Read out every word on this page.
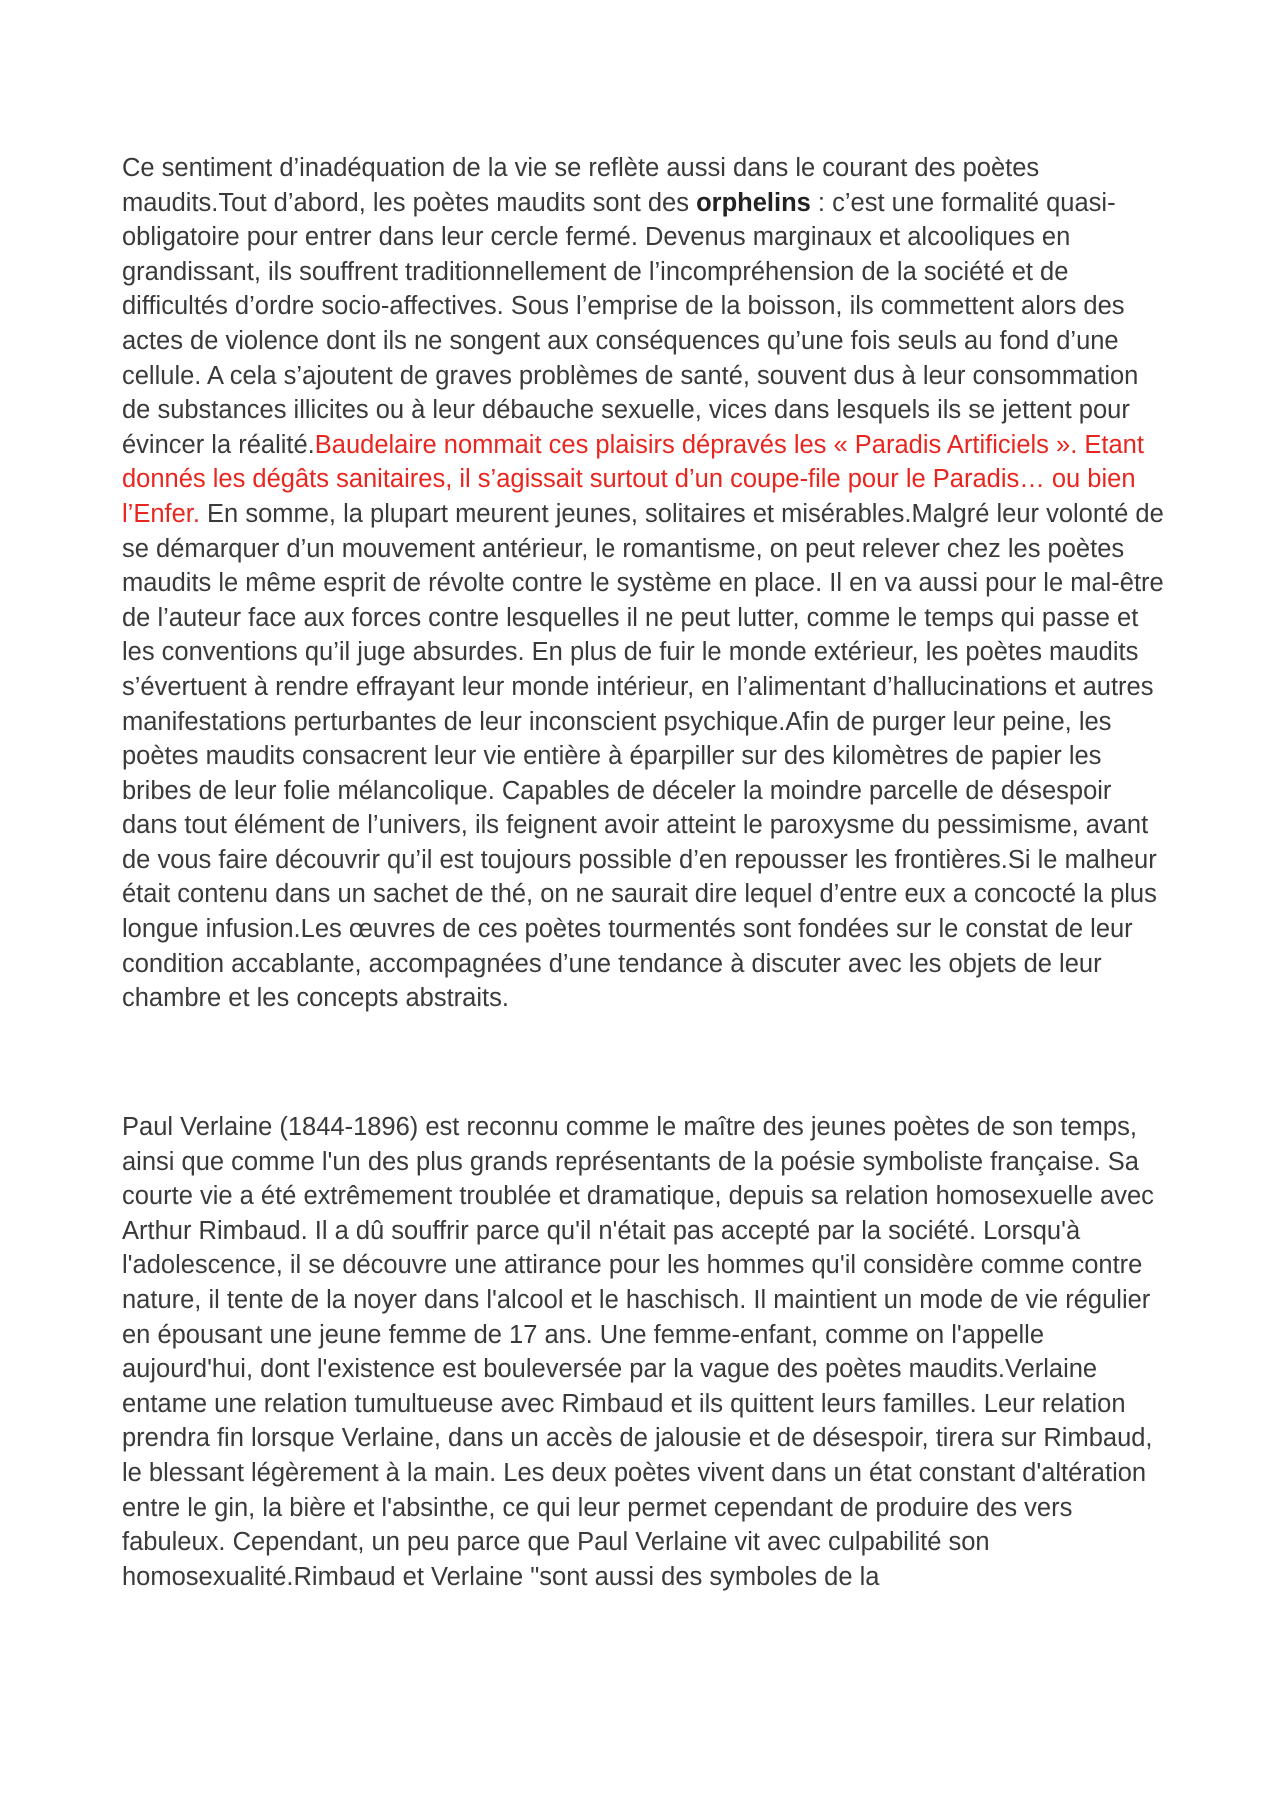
Ce sentiment d’inadéquation de la vie se reflète aussi dans le courant des poètes maudits.Tout d’abord, les poètes maudits sont des orphelins : c’est une formalité quasi-obligatoire pour entrer dans leur cercle fermé. Devenus marginaux et alcooliques en grandissant, ils souffrent traditionnellement de l’incompréhension de la société et de difficultés d’ordre socio-affectives. Sous l’emprise de la boisson, ils commettent alors des actes de violence dont ils ne songent aux conséquences qu’une fois seuls au fond d’une cellule. A cela s’ajoutent de graves problèmes de santé, souvent dus à leur consommation de substances illicites ou à leur débauche sexuelle, vices dans lesquels ils se jettent pour évincer la réalité.Baudelaire nommait ces plaisirs dépravés les « Paradis Artificiels ». Etant donnés les dégâts sanitaires, il s’agissait surtout d’un coupe-file pour le Paradis… ou bien l’Enfer. En somme, la plupart meurent jeunes, solitaires et misérables.Malgré leur volonté de se démarquer d’un mouvement antérieur, le romantisme, on peut relever chez les poètes maudits le même esprit de révolte contre le système en place. Il en va aussi pour le mal-être de l’auteur face aux forces contre lesquelles il ne peut lutter, comme le temps qui passe et les conventions qu’il juge absurdes. En plus de fuir le monde extérieur, les poètes maudits s’évertuent à rendre effrayant leur monde intérieur, en l’alimentant d’hallucinations et autres manifestations perturbantes de leur inconscient psychique.Afin de purger leur peine, les poètes maudits consacrent leur vie entière à éparpiller sur des kilomètres de papier les bribes de leur folie mélancolique. Capables de déceler la moindre parcelle de désespoir dans tout élément de l’univers, ils feignent avoir atteint le paroxysme du pessimisme, avant de vous faire découvrir qu’il est toujours possible d’en repousser les frontières.Si le malheur était contenu dans un sachet de thé, on ne saurait dire lequel d’entre eux a concocté la plus longue infusion.Les œuvres de ces poètes tourmentés sont fondées sur le constat de leur condition accablante, accompagnées d’une tendance à discuter avec les objets de leur chambre et les concepts abstraits.

Paul Verlaine (1844-1896) est reconnu comme le maître des jeunes poètes de son temps, ainsi que comme l'un des plus grands représentants de la poésie symboliste française. Sa courte vie a été extrêmement troublée et dramatique, depuis sa relation homosexuelle avec Arthur Rimbaud. Il a dû souffrir parce qu'il n'était pas accepté par la société. Lorsqu'à l'adolescence, il se découvre une attirance pour les hommes qu'il considère comme contre nature, il tente de la noyer dans l'alcool et le haschisch. Il maintient un mode de vie régulier en épousant une jeune femme de 17 ans. Une femme-enfant, comme on l'appelle aujourd'hui, dont l'existence est bouleversée par la vague des poètes maudits.Verlaine entame une relation tumultueuse avec Rimbaud et ils quittent leurs familles. Leur relation prendra fin lorsque Verlaine, dans un accès de jalousie et de désespoir, tirera sur Rimbaud, le blessant légèrement à la main. Les deux poètes vivent dans un état constant d'altération entre le gin, la bière et l'absinthe, ce qui leur permet cependant de produire des vers fabuleux. Cependant, un peu parce que Paul Verlaine vit avec culpabilité son homosexualité.Rimbaud et Verlaine "sont aussi des symboles de la
